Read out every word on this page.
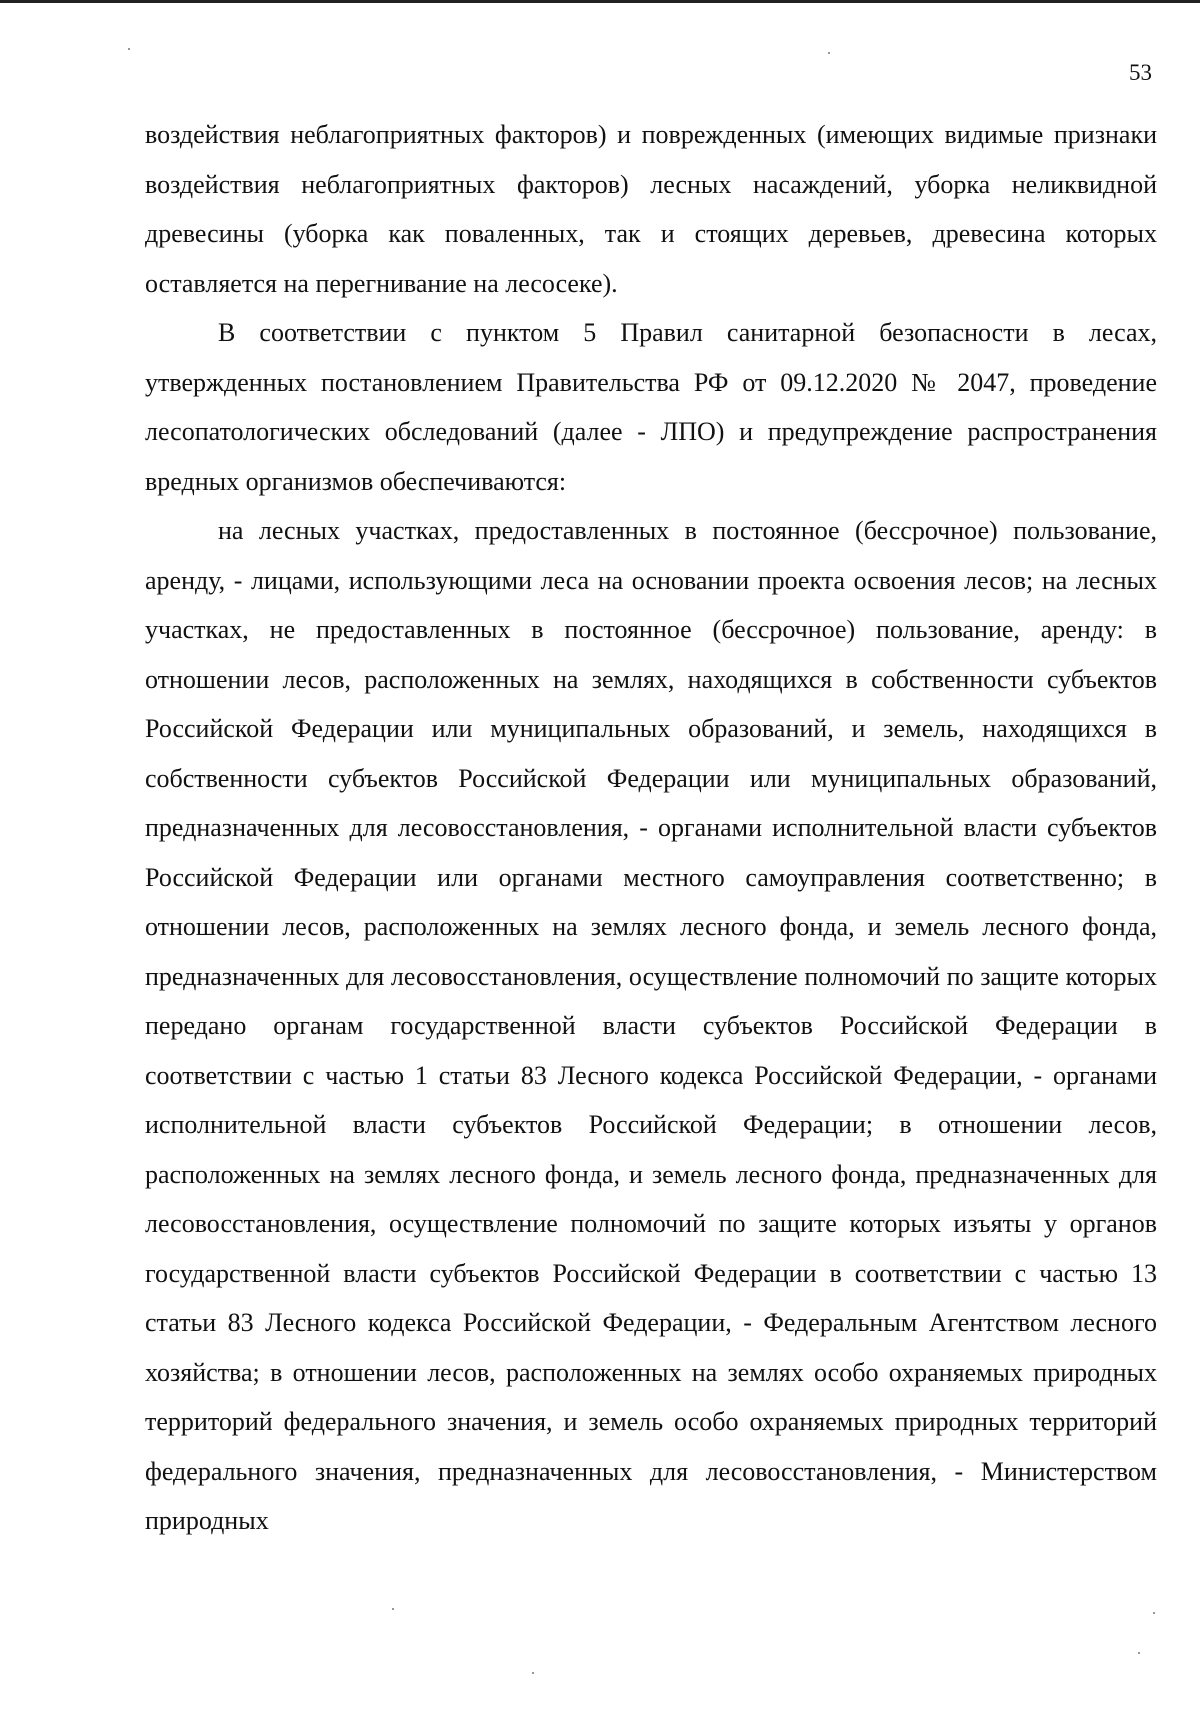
53

воздействия неблагоприятных факторов) и поврежденных (имеющих видимые признаки воздействия неблагоприятных факторов) лесных насаждений, уборка неликвидной древесины (уборка как поваленных, так и стоящих деревьев, древесина которых оставляется на перегнивание на лесосеке).

В соответствии с пунктом 5 Правил санитарной безопасности в лесах, утвержденных постановлением Правительства РФ от 09.12.2020 № 2047, проведение лесопатологических обследований (далее - ЛПО) и предупреждение распространения вредных организмов обеспечиваются:

на лесных участках, предоставленных в постоянное (бессрочное) пользование, аренду, - лицами, использующими леса на основании проекта освоения лесов; на лесных участках, не предоставленных в постоянное (бессрочное) пользование, аренду: в отношении лесов, расположенных на землях, находящихся в собственности субъектов Российской Федерации или муниципальных образований, и земель, находящихся в собственности субъектов Российской Федерации или муниципальных образований, предназначенных для лесовосстановления, - органами исполнительной власти субъектов Российской Федерации или органами местного самоуправления соответственно; в отношении лесов, расположенных на землях лесного фонда, и земель лесного фонда, предназначенных для лесовосстановления, осуществление полномочий по защите которых передано органам государственной власти субъектов Российской Федерации в соответствии с частью 1 статьи 83 Лесного кодекса Российской Федерации, - органами исполнительной власти субъектов Российской Федерации; в отношении лесов, расположенных на землях лесного фонда, и земель лесного фонда, предназначенных для лесовосстановления, осуществление полномочий по защите которых изъяты у органов государственной власти субъектов Российской Федерации в соответствии с частью 13 статьи 83 Лесного кодекса Российской Федерации, - Федеральным Агентством лесного хозяйства; в отношении лесов, расположенных на землях особо охраняемых природных территорий федерального значения, и земель особо охраняемых природных территорий федерального значения, предназначенных для лесовосстановления, - Министерством природных
